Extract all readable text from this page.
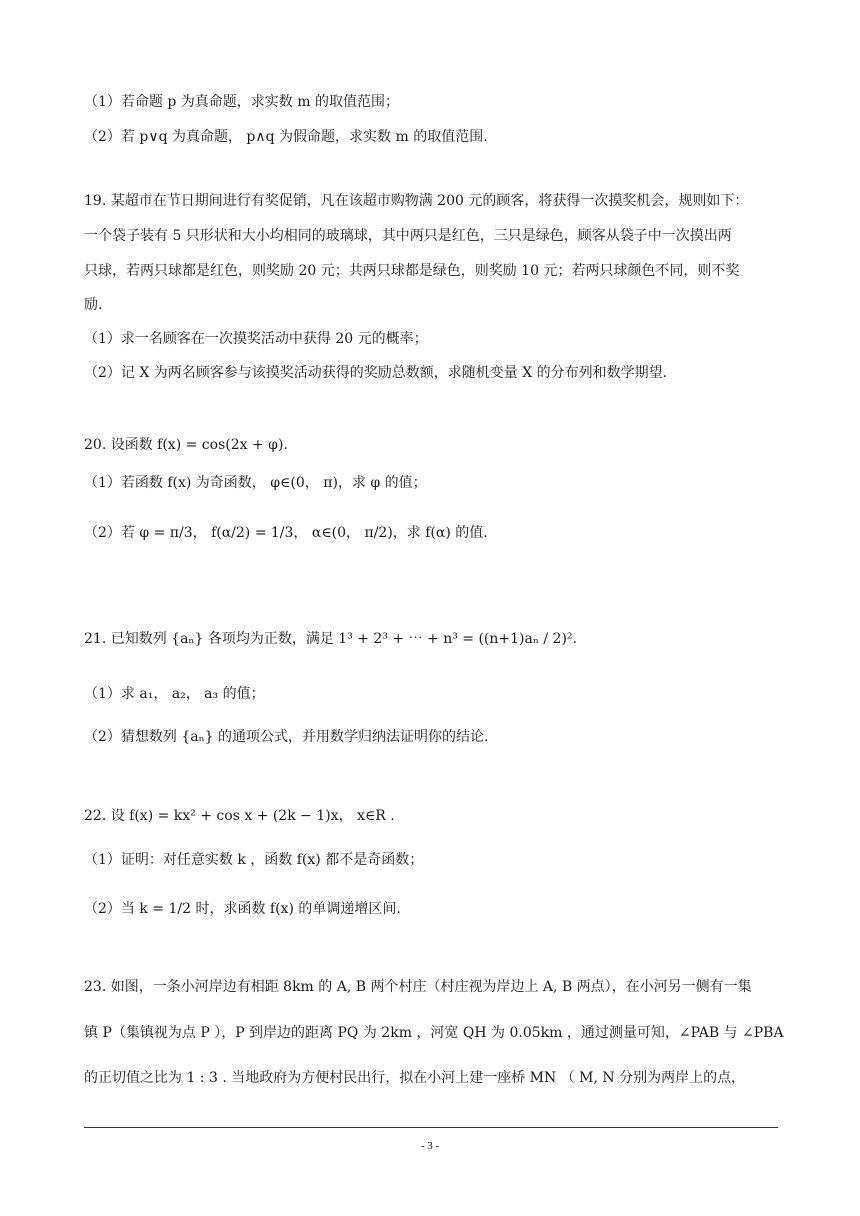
（1）若命题 p 为真命题，求实数 m 的取值范围；
（2）若 p∨q 为真命题， p∧q 为假命题，求实数 m 的取值范围.
19. 某超市在节日期间进行有奖促销，凡在该超市购物满 200 元的顾客，将获得一次摸奖机会，规则如下：
一个袋子装有 5 只形状和大小均相同的玻璃球，其中两只是红色，三只是绿色，顾客从袋子中一次摸出两
只球，若两只球都是红色，则奖励 20 元；共两只球都是绿色，则奖励 10 元；若两只球颜色不同，则不奖
励.
（1）求一名顾客在一次摸奖活动中获得 20 元的概率；
（2）记 X 为两名顾客参与该摸奖活动获得的奖励总数额，求随机变量 X 的分布列和数学期望.
20. 设函数 f(x) = cos(2x + φ).
（1）若函数 f(x) 为奇函数， φ∈(0， π)，求 φ 的值；
（2）若 φ = π/3， f(α/2) = 1/3， α∈(0， π/2)，求 f(α) 的值.
21. 已知数列 {aₙ} 各项均为正数，满足 1³ + 2³ + ⋯ + n³ = ((n+1)aₙ / 2)².
（1）求 a₁， a₂， a₃ 的值；
（2）猜想数列 {aₙ} 的通项公式，并用数学归纳法证明你的结论.
22. 设 f(x) = kx² + cos x + (2k − 1)x， x∈R .
（1）证明：对任意实数 k ，函数 f(x) 都不是奇函数；
（2）当 k = 1/2 时，求函数 f(x) 的单调递增区间.
23. 如图，一条小河岸边有相距 8km 的 A, B 两个村庄（村庄视为岸边上 A, B 两点），在小河另一侧有一集
镇 P（集镇视为点 P ），P 到岸边的距离 PQ 为 2km ，河宽 QH 为 0.05km ，通过测量可知，∠PAB 与 ∠PBA
的正切值之比为 1 : 3 . 当地政府为方便村民出行，拟在小河上建一座桥 MN （ M, N 分别为两岸上的点，
- 3 -
